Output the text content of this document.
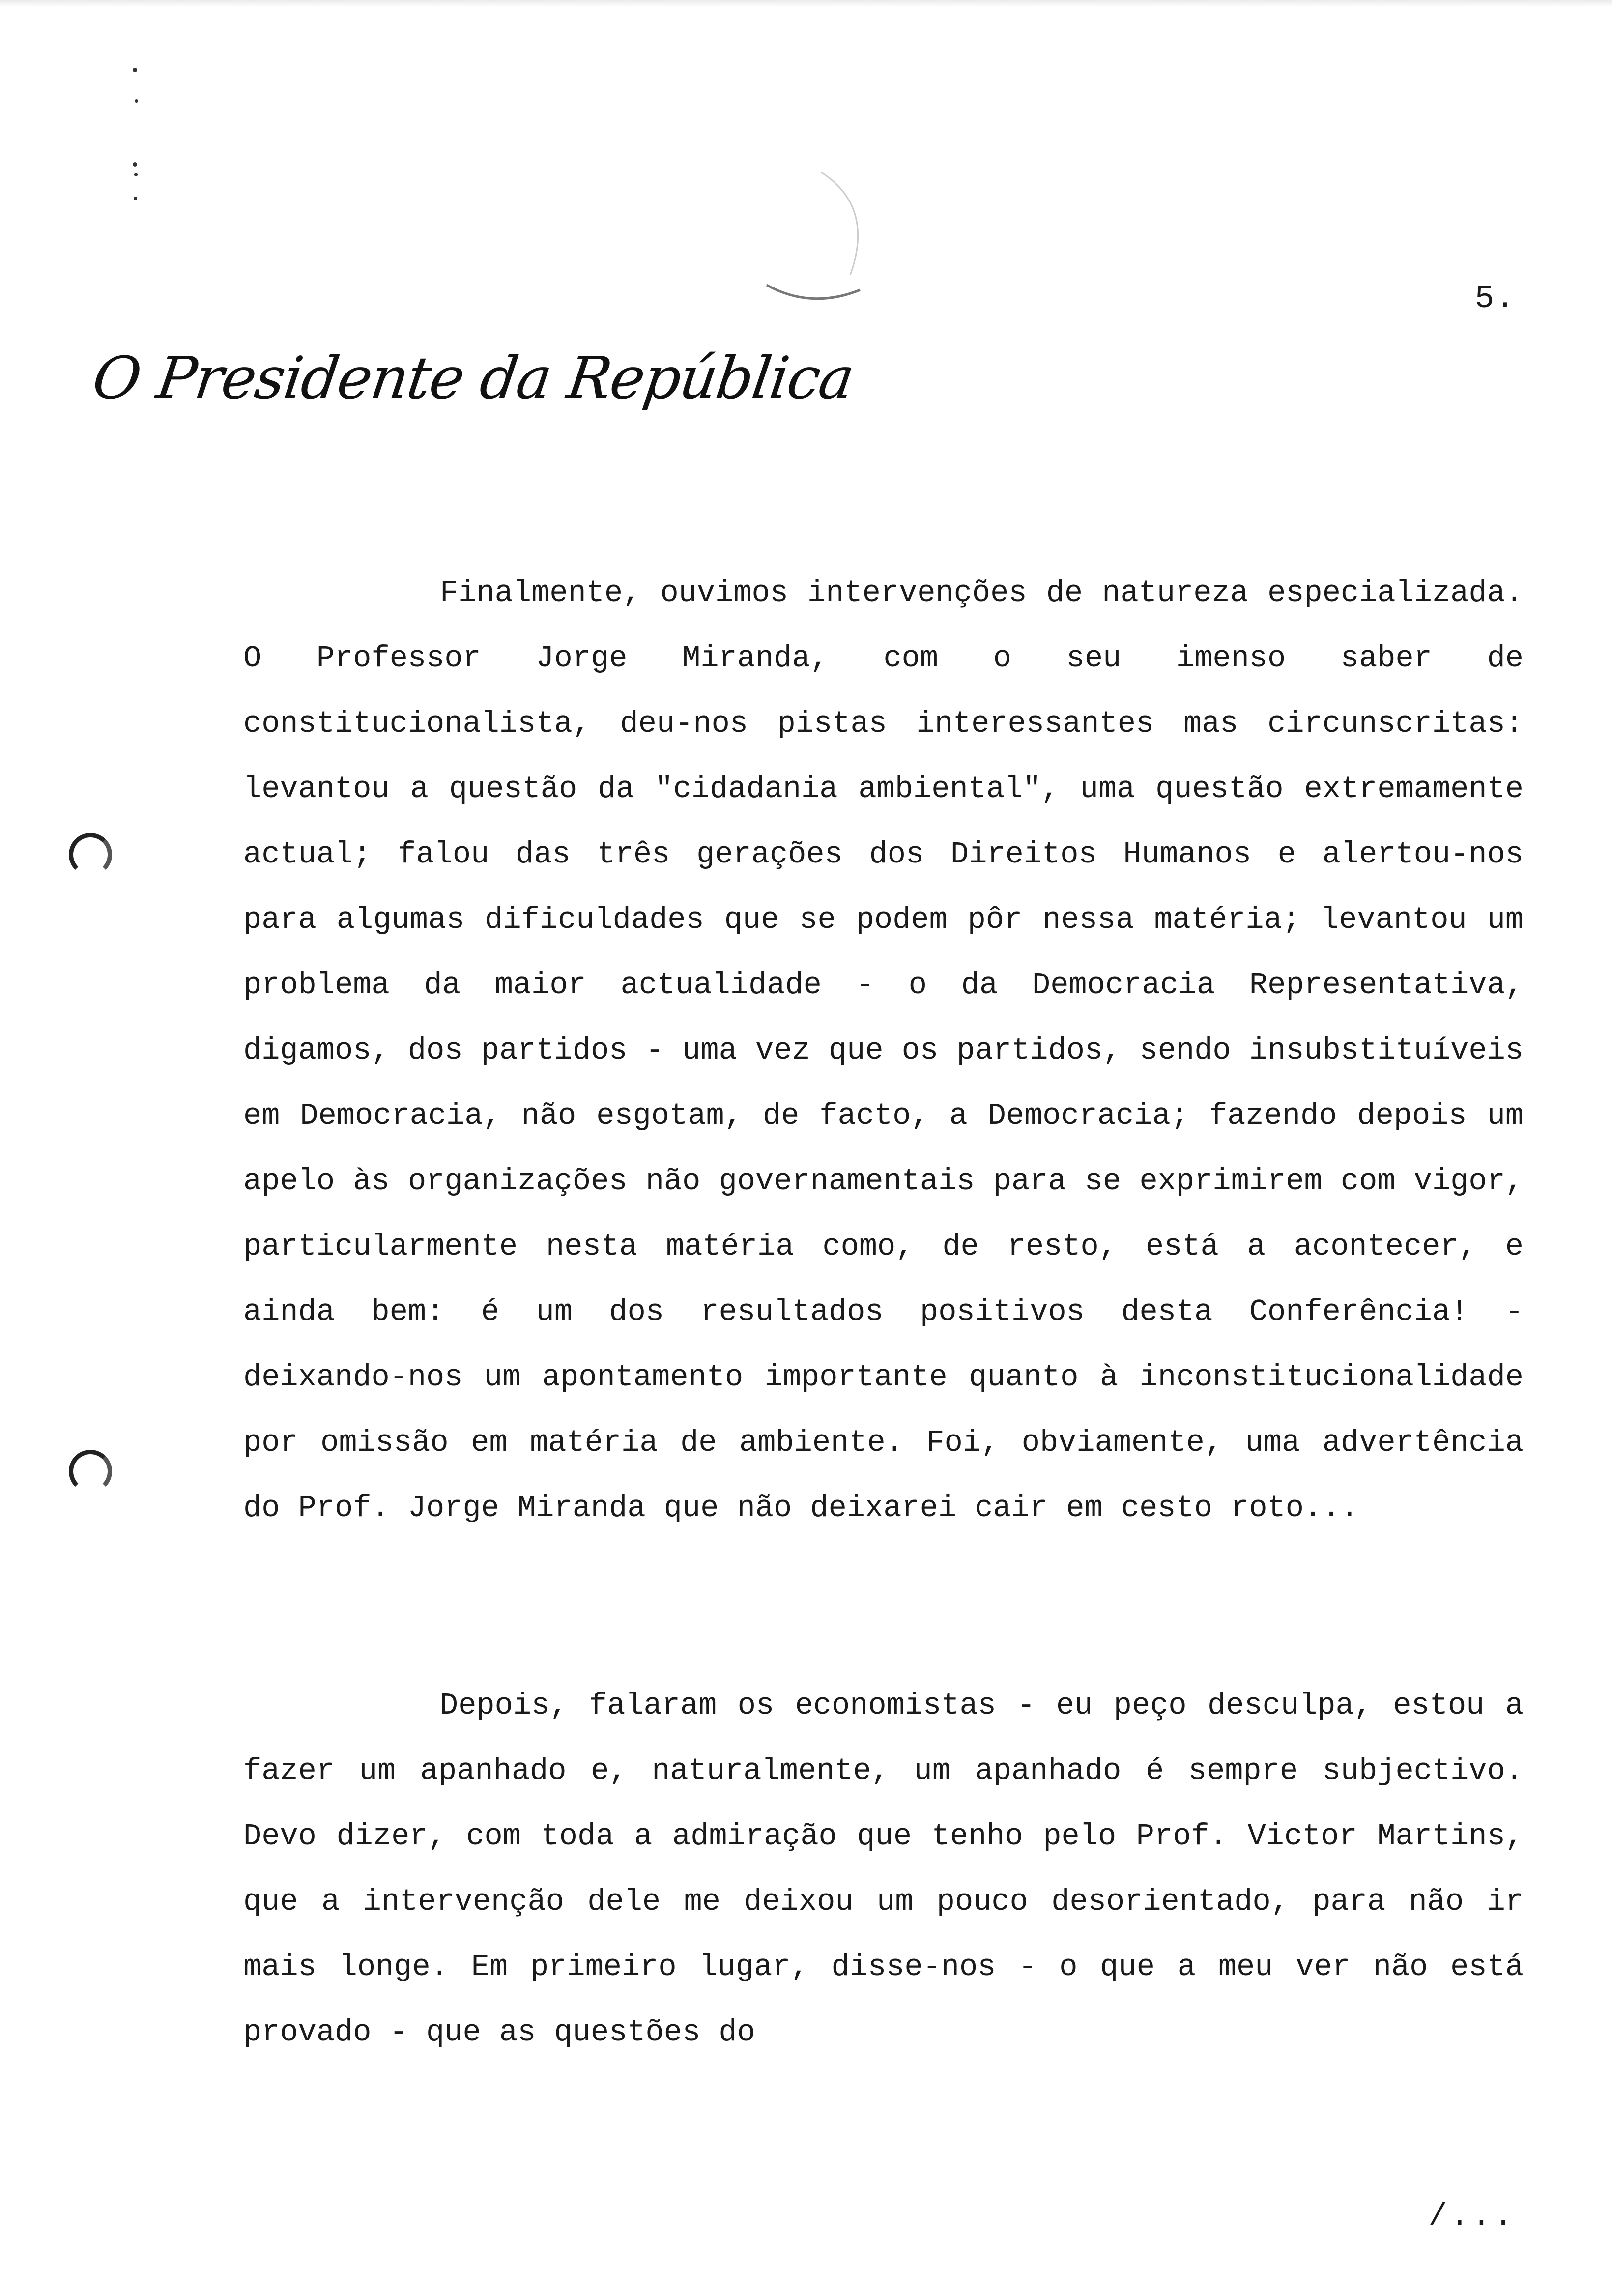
5.
O Presidente da República

Finalmente, ouvimos intervenções de natureza especializada. O Professor Jorge Miranda, com o seu imenso saber de constitucionalista, deu-nos pistas interessantes mas circunscritas: levantou a questão da "cidadania ambiental", uma questão extremamente actual; falou das três gerações dos Direitos Humanos e alertou-nos para algumas dificuldades que se podem pôr nessa matéria; levantou um problema da maior actualidade - o da Democracia Representativa, digamos, dos partidos - uma vez que os partidos, sendo insubstituíveis em Democracia, não esgotam, de facto, a Democracia; fazendo depois um apelo às organizações não governamentais para se exprimirem com vigor, particularmente nesta matéria como, de resto, está a acontecer, e ainda bem: é um dos resultados positivos desta Conferência! - deixando-nos um apontamento importante quanto à inconstitucionalidade por omissão em matéria de ambiente. Foi, obviamente, uma advertência do Prof. Jorge Miranda que não deixarei cair em cesto roto...

Depois, falaram os economistas - eu peço desculpa, estou a fazer um apanhado e, naturalmente, um apanhado é sempre subjectivo. Devo dizer, com toda a admiração que tenho pelo Prof. Victor Martins, que a intervenção dele me deixou um pouco desorientado, para não ir mais longe. Em primeiro lugar, disse-nos - o que a meu ver não está provado - que as questões do

/...
